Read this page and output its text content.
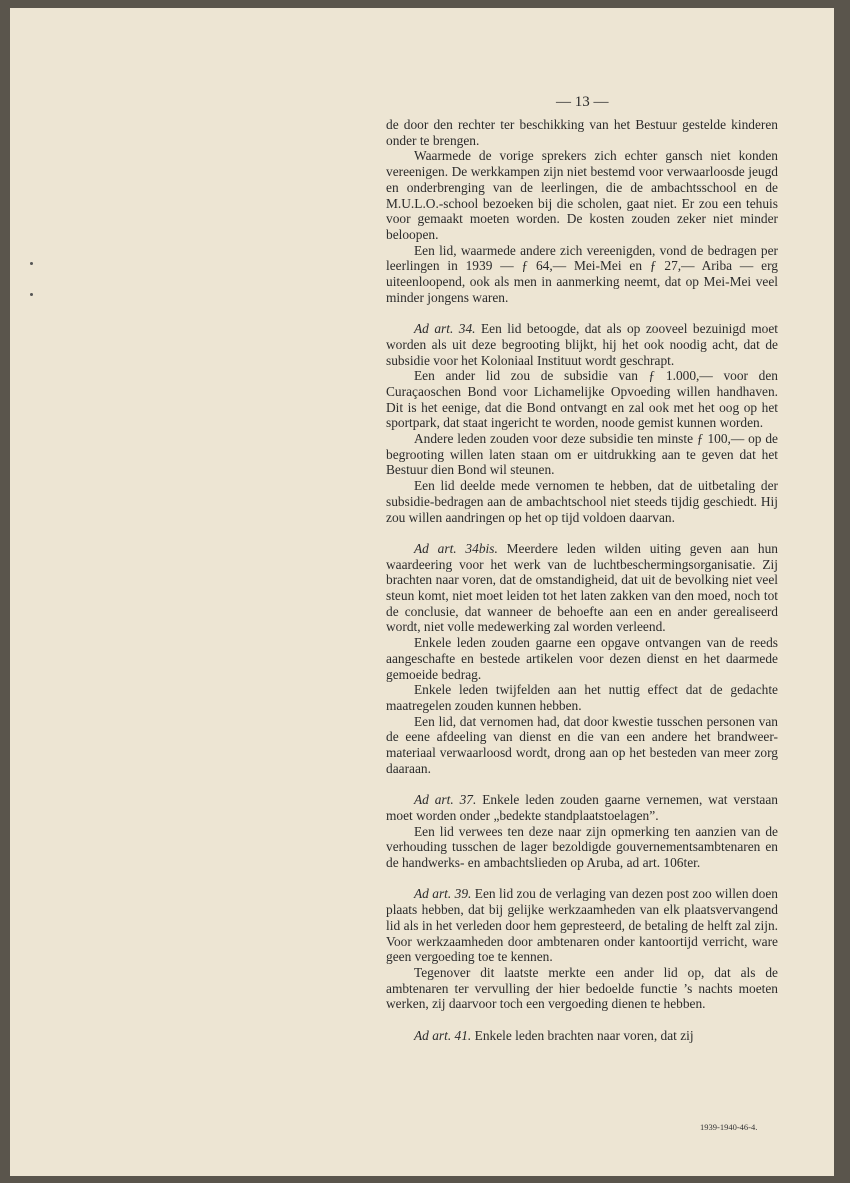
— 13 —

de door den rechter ter beschikking van het Bestuur gestelde kinderen onder te brengen.

Waarmede de vorige sprekers zich echter gansch niet konden vereenigen. De werkkampen zijn niet bestemd voor verwaarloosde jeugd en onderbrenging van de leerlingen, die de ambachtsschool en de M.U.L.O.-school bezoeken bij die scholen, gaat niet. Er zou een tehuis voor gemaakt moeten worden. De kosten zouden zeker niet minder beloopen.

Een lid, waarmede andere zich vereenigden, vond de bedragen per leerlingen in 1939 — ƒ 64,— Mei-Mei en ƒ 27,— Ariba — erg uiteenloopend, ook als men in aanmerking neemt, dat op Mei-Mei veel minder jongens waren.

Ad art. 34. Een lid betoogde, dat als op zooveel bezuinigd moet worden als uit deze begrooting blijkt, hij het ook noodig acht, dat de subsidie voor het Koloniaal Instituut wordt geschrapt.

Een ander lid zou de subsidie van ƒ 1.000,— voor den Curaçaoschen Bond voor Lichamelijke Opvoeding willen handhaven. Dit is het eenige, dat die Bond ontvangt en zal ook met het oog op het sportpark, dat staat ingericht te worden, noode gemist kunnen worden.

Andere leden zouden voor deze subsidie ten minste ƒ 100,— op de begrooting willen laten staan om er uitdrukking aan te geven dat het Bestuur dien Bond wil steunen.

Een lid deelde mede vernomen te hebben, dat de uitbetaling der subsidie-bedragen aan de ambachtschool niet steeds tijdig geschiedt. Hij zou willen aandringen op het op tijd voldoen daarvan.

Ad art. 34bis. Meerdere leden wilden uiting geven aan hun waardeering voor het werk van de luchtbeschermingsorganisatie. Zij brachten naar voren, dat de omstandigheid, dat uit de bevolking niet veel steun komt, niet moet leiden tot het laten zakken van den moed, noch tot de conclusie, dat wanneer de behoefte aan een en ander gerealiseerd wordt, niet volle medewerking zal worden verleend.

Enkele leden zouden gaarne een opgave ontvangen van de reeds aangeschafte en bestede artikelen voor dezen dienst en het daarmede gemoeide bedrag.

Enkele leden twijfelden aan het nuttig effect dat de gedachte maatregelen zouden kunnen hebben.

Een lid, dat vernomen had, dat door kwestie tusschen personen van de eene afdeeling van dienst en die van een andere het brandweer-materiaal verwaarloosd wordt, drong aan op het besteden van meer zorg daaraan.

Ad art. 37. Enkele leden zouden gaarne vernemen, wat verstaan moet worden onder „bedekte standplaatstoelagen”.

Een lid verwees ten deze naar zijn opmerking ten aanzien van de verhouding tusschen de lager bezoldigde gouvernementsambtenaren en de handwerks- en ambachtslieden op Aruba, ad art. 106ter.

Ad art. 39. Een lid zou de verlaging van dezen post zoo willen doen plaats hebben, dat bij gelijke werkzaamheden van elk plaatsvervangend lid als in het verleden door hem gepresteerd, de betaling de helft zal zijn. Voor werkzaamheden door ambtenaren onder kantoortijd verricht, ware geen vergoeding toe te kennen.

Tegenover dit laatste merkte een ander lid op, dat als de ambtenaren ter vervulling der hier bedoelde functie ’s nachts moeten werken, zij daarvoor toch een vergoeding dienen te hebben.

Ad art. 41. Enkele leden brachten naar voren, dat zij

1939-1940-46-4.
